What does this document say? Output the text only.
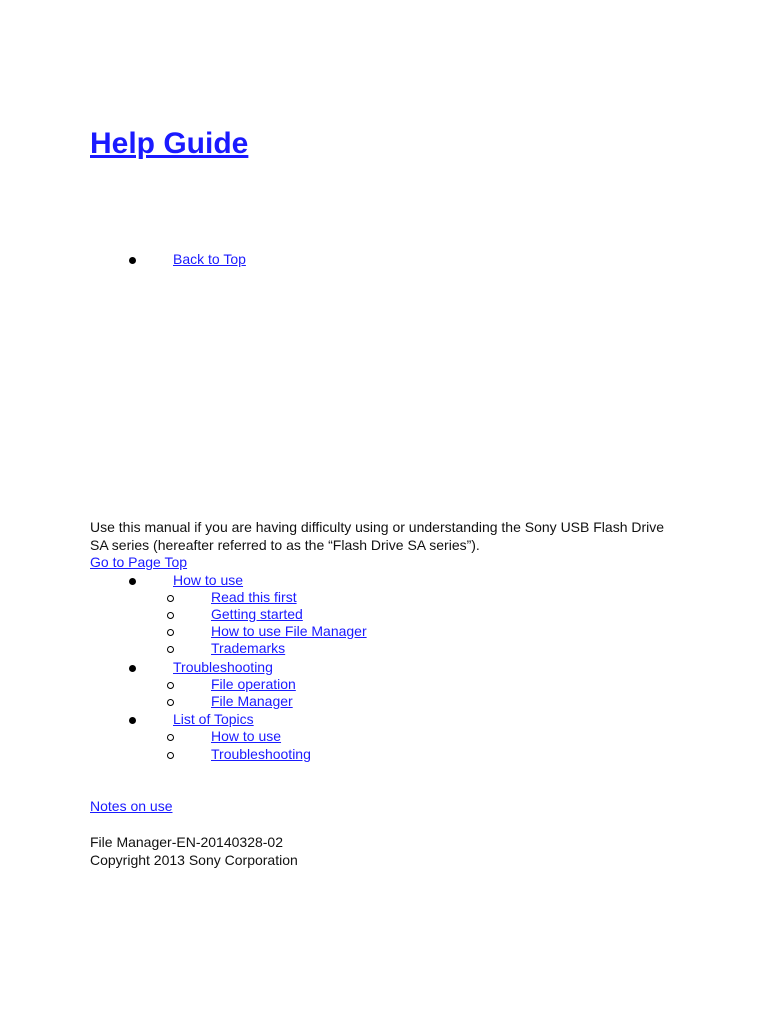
Help Guide
Back to Top

Use this manual if you are having difficulty using or understanding the Sony USB Flash Drive SA series (hereafter referred to as the “Flash Drive SA series”).

Go to Page Top
How to use
Read this first
Getting started
How to use File Manager
Trademarks
Troubleshooting
File operation
File Manager
List of Topics
How to use
Troubleshooting
Notes on use

File Manager-EN-20140328-02

Copyright 2013 Sony Corporation
